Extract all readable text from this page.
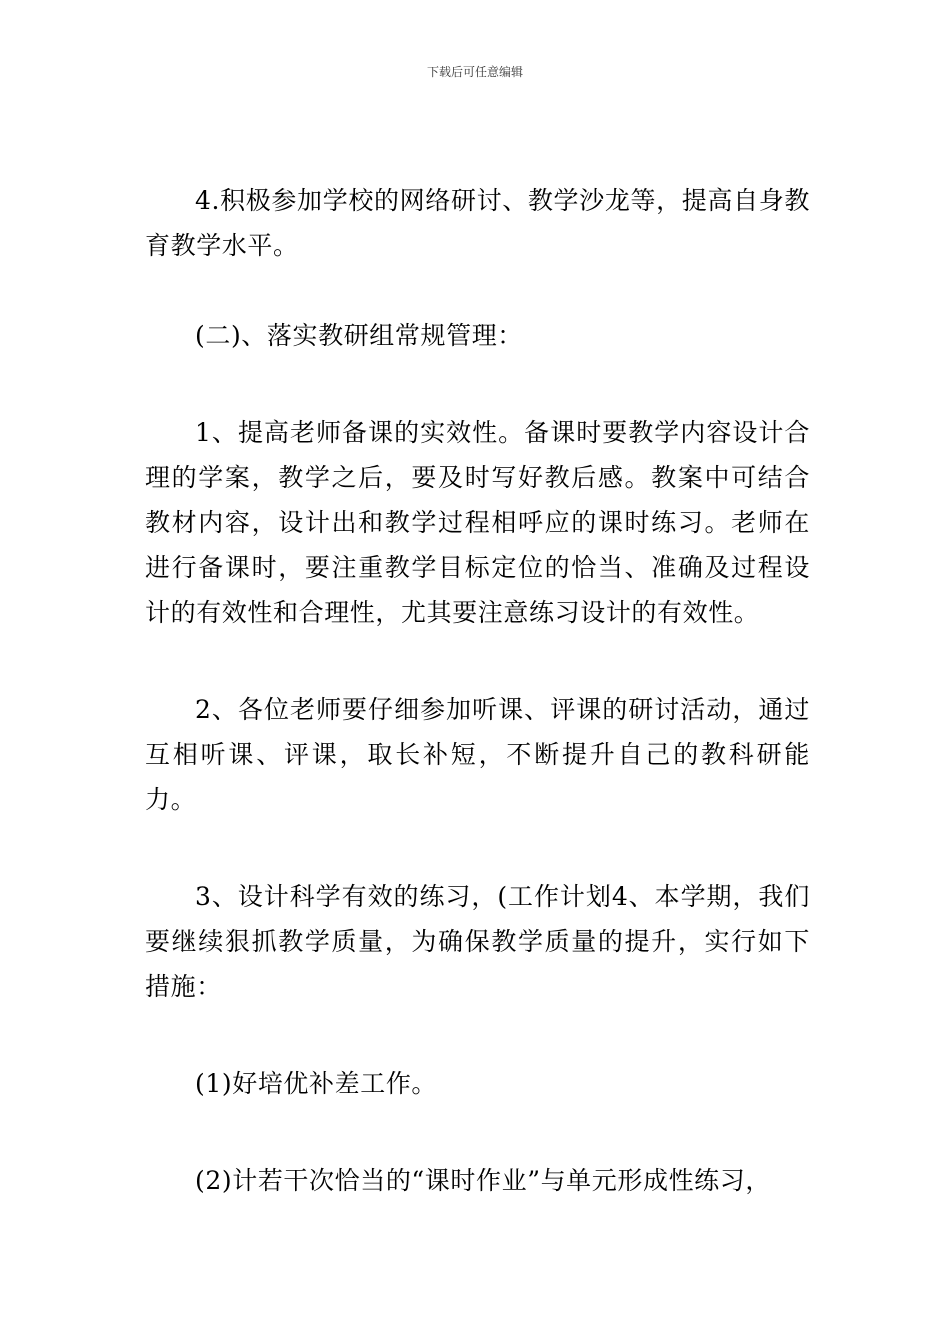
下载后可任意编辑

4.积极参加学校的网络研讨、教学沙龙等，提高自身教育教学水平。

(二)、落实教研组常规管理：

1、提高老师备课的实效性。备课时要教学内容设计合理的学案，教学之后，要及时写好教后感。教案中可结合教材内容，设计出和教学过程相呼应的课时练习。老师在进行备课时，要注重教学目标定位的恰当、准确及过程设计的有效性和合理性，尤其要注意练习设计的有效性。

2、各位老师要仔细参加听课、评课的研讨活动，通过互相听课、评课，取长补短，不断提升自己的教科研能力。

3、设计科学有效的练习，(工作计划4、本学期，我们要继续狠抓教学质量，为确保教学质量的提升，实行如下措施：

(1)好培优补差工作。

(2)计若干次恰当的“课时作业”与单元形成性练习，
